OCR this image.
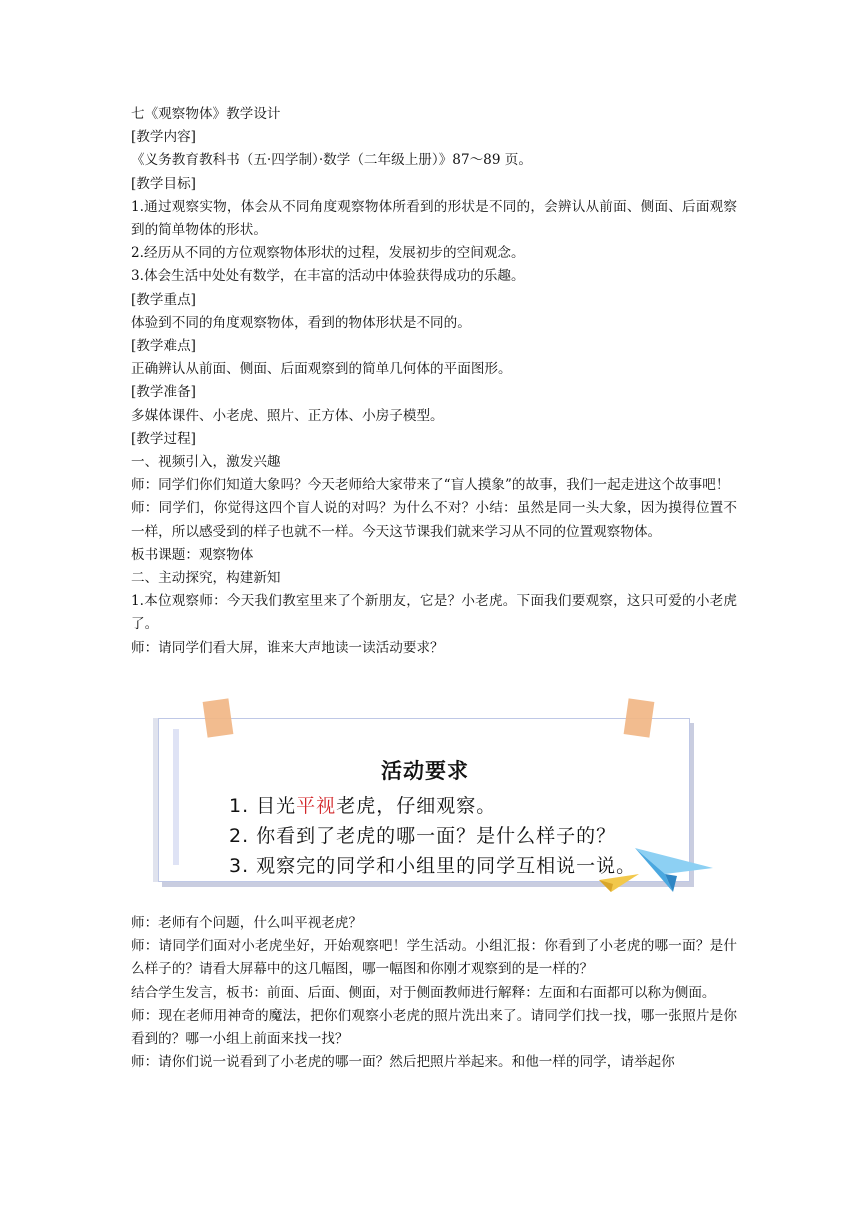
七《观察物体》教学设计

[教学内容]

《义务教育教科书（五·四学制）·数学（二年级上册）》87～89 页。

[教学目标]

1.通过观察实物，体会从不同角度观察物体所看到的形状是不同的，会辨认从前面、侧面、后面观察到的简单物体的形状。

2.经历从不同的方位观察物体形状的过程，发展初步的空间观念。

3.体会生活中处处有数学，在丰富的活动中体验获得成功的乐趣。

[教学重点]

体验到不同的角度观察物体，看到的物体形状是不同的。

[教学难点]

正确辨认从前面、侧面、后面观察到的简单几何体的平面图形。

[教学准备]

多媒体课件、小老虎、照片、正方体、小房子模型。

[教学过程]

一、视频引入，激发兴趣

师：同学们你们知道大象吗？今天老师给大家带来了“盲人摸象”的故事，我们一起走进这个故事吧！

师：同学们，你觉得这四个盲人说的对吗？为什么不对？小结：虽然是同一头大象，因为摸得位置不一样，所以感受到的样子也就不一样。今天这节课我们就来学习从不同的位置观察物体。

板书课题：观察物体

二、主动探究，构建新知

1.本位观察师：今天我们教室里来了个新朋友，它是？小老虎。下面我们要观察，这只可爱的小老虎了。

师：请同学们看大屏，谁来大声地读一读活动要求？

活动要求
1. 目光平视老虎，仔细观察。
2. 你看到了老虎的哪一面？是什么样子的？
3. 观察完的同学和小组里的同学互相说一说。

师：老师有个问题，什么叫平视老虎？

师：请同学们面对小老虎坐好，开始观察吧！学生活动。小组汇报：你看到了小老虎的哪一面？是什么样子的？请看大屏幕中的这几幅图，哪一幅图和你刚才观察到的是一样的？

结合学生发言，板书：前面、后面、侧面，对于侧面教师进行解释：左面和右面都可以称为侧面。

师：现在老师用神奇的魔法，把你们观察小老虎的照片洗出来了。请同学们找一找，哪一张照片是你看到的？哪一小组上前面来找一找？

师：请你们说一说看到了小老虎的哪一面？然后把照片举起来。和他一样的同学，请举起你
